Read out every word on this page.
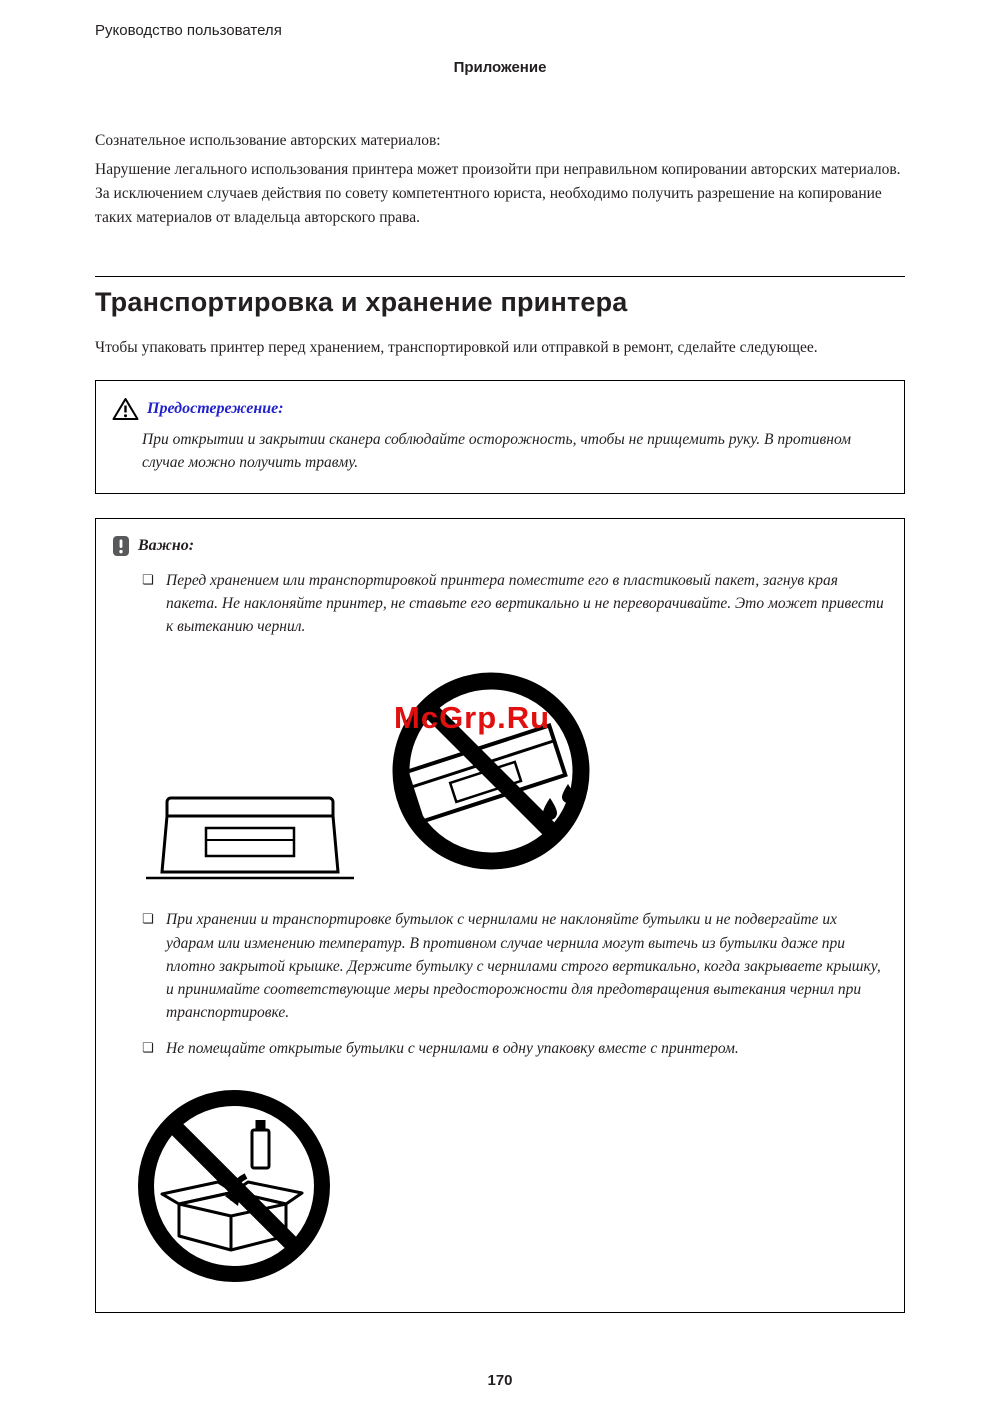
Руководство пользователя
Приложение
Сознательное использование авторских материалов:
Нарушение легального использования принтера может произойти при неправильном копировании авторских материалов. За исключением случаев действия по совету компетентного юриста, необходимо получить разрешение на копирование таких материалов от владельца авторского права.
Транспортировка и хранение принтера
Чтобы упаковать принтер перед хранением, транспортировкой или отправкой в ремонт, сделайте следующее.
Предостережение:
При открытии и закрытии сканера соблюдайте осторожность, чтобы не прищемить руку. В противном случае можно получить травму.
Важно:
❏ Перед хранением или транспортировкой принтера поместите его в пластиковый пакет, загнув края пакета. Не наклоняйте принтер, не ставьте его вертикально и не переворачивайте. Это может привести к вытеканию чернил.
McGrp.Ru
❏ При хранении и транспортировке бутылок с чернилами не наклоняйте бутылки и не подвергайте их ударам или изменению температур. В противном случае чернила могут вытечь из бутылки даже при плотно закрытой крышке. Держите бутылку с чернилами строго вертикально, когда закрываете крышку, и принимайте соответствующие меры предосторожности для предотвращения вытекания чернил при транспортировке.
❏ Не помещайте открытые бутылки с чернилами в одну упаковку вместе с принтером.
170
